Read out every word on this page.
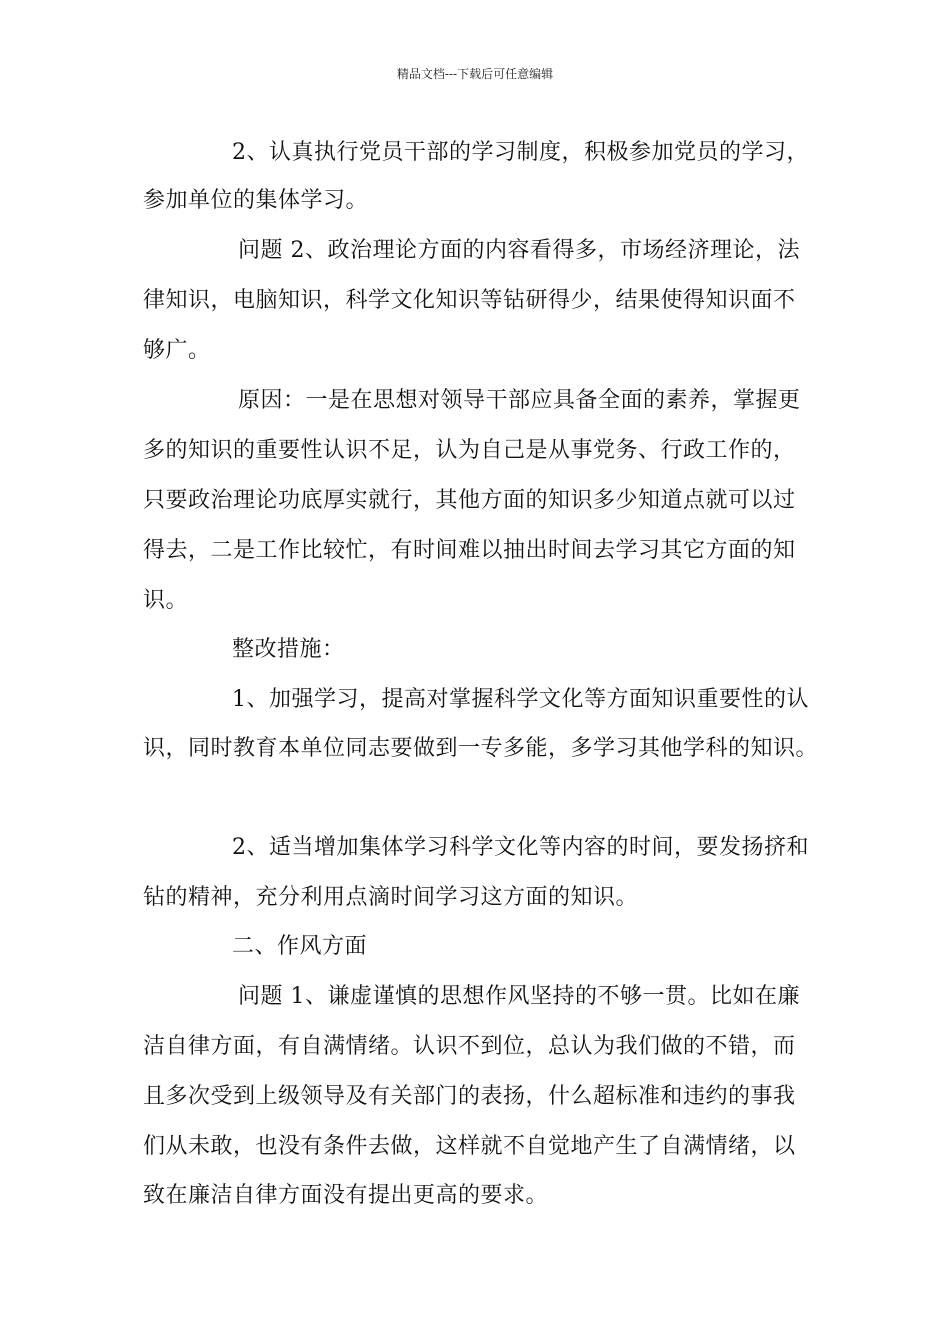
精品文档---下载后可任意编辑
2、认真执行党员干部的学习制度，积极参加党员的学习，
参加单位的集体学习。
问题 2、政治理论方面的内容看得多，市场经济理论，法
律知识，电脑知识，科学文化知识等钻研得少，结果使得知识面不
够广。
原因：一是在思想对领导干部应具备全面的素养，掌握更
多的知识的重要性认识不足，认为自己是从事党务、行政工作的，
只要政治理论功底厚实就行，其他方面的知识多少知道点就可以过
得去，二是工作比较忙，有时间难以抽出时间去学习其它方面的知
识。
整改措施：
1、加强学习，提高对掌握科学文化等方面知识重要性的认
识，同时教育本单位同志要做到一专多能，多学习其他学科的知识。
2、适当增加集体学习科学文化等内容的时间，要发扬挤和
钻的精神，充分利用点滴时间学习这方面的知识。
二、作风方面
问题 1、谦虚谨慎的思想作风坚持的不够一贯。比如在廉
洁自律方面，有自满情绪。认识不到位，总认为我们做的不错，而
且多次受到上级领导及有关部门的表扬，什么超标准和违约的事我
们从未敢，也没有条件去做，这样就不自觉地产生了自满情绪，以
致在廉洁自律方面没有提出更高的要求。
